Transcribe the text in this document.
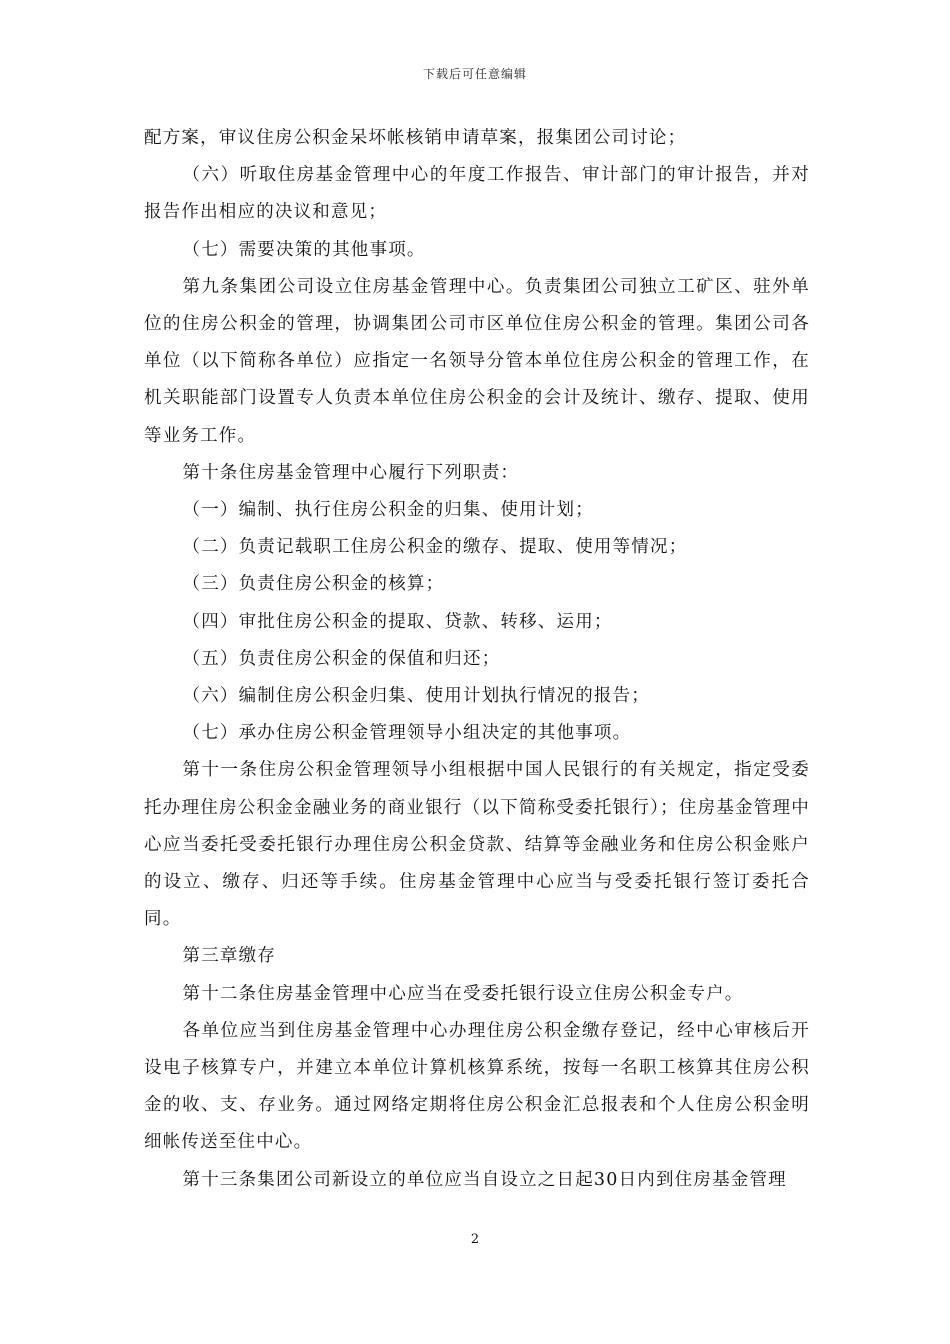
下载后可任意编辑

配方案，审议住房公积金呆坏帐核销申请草案，报集团公司讨论；

（六）听取住房基金管理中心的年度工作报告、审计部门的审计报告，并对报告作出相应的决议和意见；

（七）需要决策的其他事项。

第九条集团公司设立住房基金管理中心。负责集团公司独立工矿区、驻外单位的住房公积金的管理，协调集团公司市区单位住房公积金的管理。集团公司各单位（以下简称各单位）应指定一名领导分管本单位住房公积金的管理工作，在机关职能部门设置专人负责本单位住房公积金的会计及统计、缴存、提取、使用等业务工作。

第十条住房基金管理中心履行下列职责：

（一）编制、执行住房公积金的归集、使用计划；

（二）负责记载职工住房公积金的缴存、提取、使用等情况；

（三）负责住房公积金的核算；

（四）审批住房公积金的提取、贷款、转移、运用；

（五）负责住房公积金的保值和归还；

（六）编制住房公积金归集、使用计划执行情况的报告；

（七）承办住房公积金管理领导小组决定的其他事项。

第十一条住房公积金管理领导小组根据中国人民银行的有关规定，指定受委托办理住房公积金金融业务的商业银行（以下简称受委托银行）；住房基金管理中心应当委托受委托银行办理住房公积金贷款、结算等金融业务和住房公积金账户的设立、缴存、归还等手续。住房基金管理中心应当与受委托银行签订委托合同。

第三章缴存

第十二条住房基金管理中心应当在受委托银行设立住房公积金专户。

各单位应当到住房基金管理中心办理住房公积金缴存登记，经中心审核后开设电子核算专户，并建立本单位计算机核算系统，按每一名职工核算其住房公积金的收、支、存业务。通过网络定期将住房公积金汇总报表和个人住房公积金明细帐传送至住中心。

第十三条集团公司新设立的单位应当自设立之日起30日内到住房基金管理

2
